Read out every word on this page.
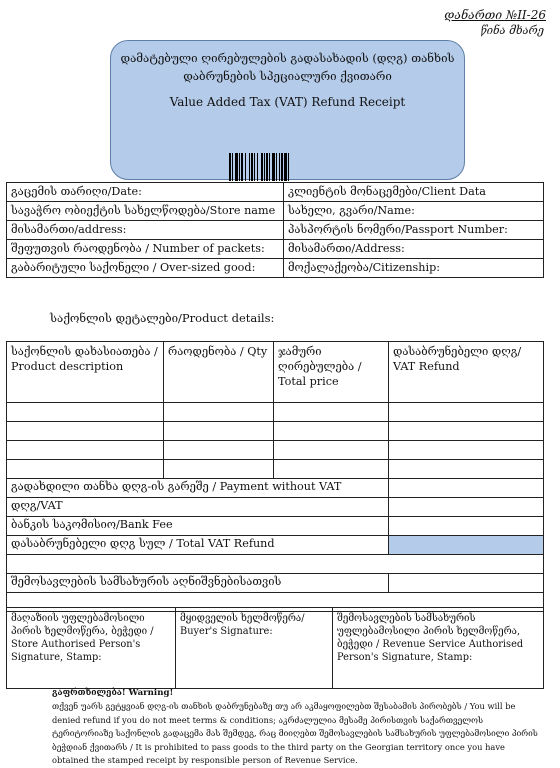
დანართი №II-26
წინა მხარე
დამატებული ღირებულების გადასახადის (დღგ) თანხის
დაბრუნების სპეციალური ქვითარი
Value Added Tax (VAT) Refund Receipt
გაცემის თარიღი/Date:	კლიენტის მონაცემები/Client Data
სავაჭრო ობიექტის სახელწოდება/Store name	სახელი, გვარი/Name:
მისამართი/address:	პასპორტის ნომერი/Passport Number:
შეფუთვის რაოდენობა / Number of packets:	მისამართი/Address:
გაბარიტული საქონელი / Over-sized good:	მოქალაქეობა/Citizenship:
საქონლის დეტალები/Product details:
საქონლის დახასიათება / Product description	რაოდენობა / Qty	ჯამური ღირებულება / Total price	დასაბრუნებელი დღგ/ VAT Refund

გადახდილი თანხა დღგ-ის გარეშე / Payment without VAT			
დღგ/VAT			
ბანკის საკომისიო/Bank Fee			
დასაბრუნებელი დღგ სულ / Total VAT Refund			

შემოსავლების სამსახურის აღნიშვნებისათვის			

მაღაზიის უფლებამოსილი პირის ხელმოწერა, ბეჭედი / Store Authorised Person's Signature, Stamp:	მყიდველის ხელმოწერა/ Buyer's Signature:	შემოსავლების სამსახურის უფლებამოსილი პირის ხელმოწერა, ბეჭედი / Revenue Service Authorised Person's Signature, Stamp:
გაფრთხილება! Warning!
თქვენ უარს გეტყვიან დღგ-ის თანხის დაბრუნებაზე თუ არ აკმაყოფილებთ შესაბამის პირობებს / You will be denied refund if you do not meet terms & conditions; აკრძალულია მესამე პირისთვის საქართველოს ტერიტორიაზე საქონლის გადაცემა მას შემდეგ, რაც მიიღებთ შემოსავლების სამსახურის უფლებამოსილი პირის ბეჭდიან ქვითარს / It is prohibited to pass goods to the third party on the Georgian territory once you have obtained the stamped receipt by responsible person of Revenue Service.
